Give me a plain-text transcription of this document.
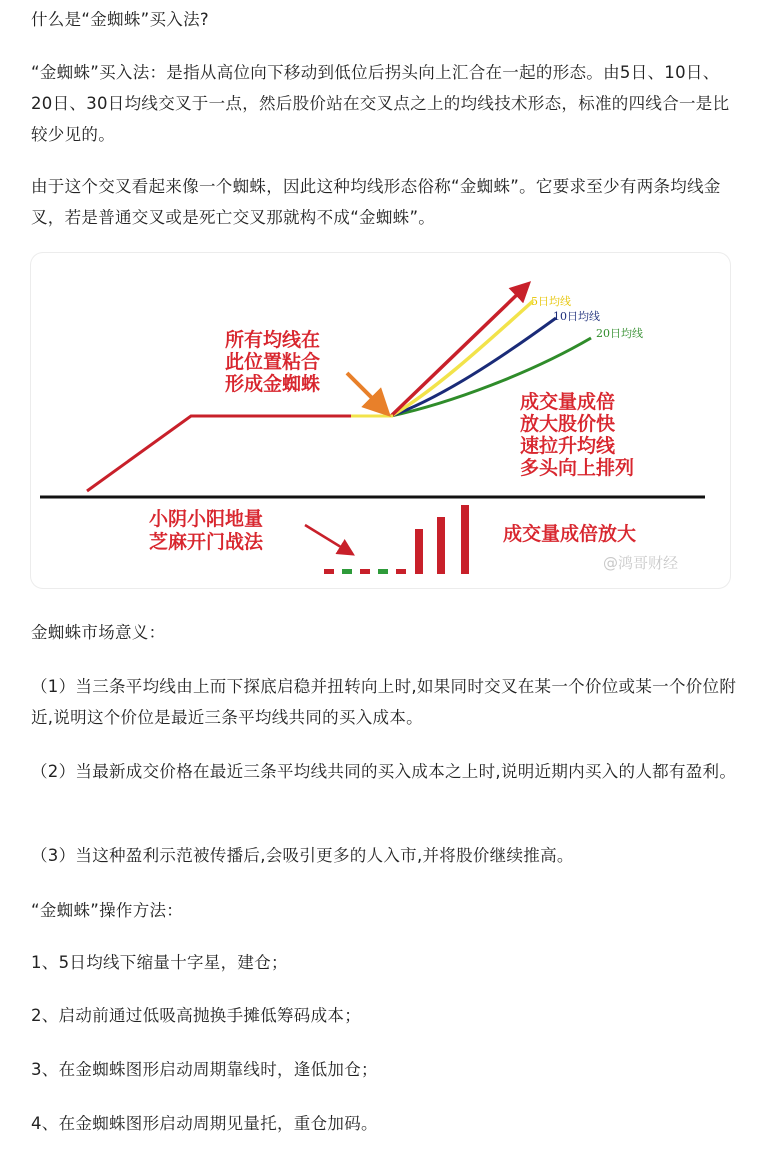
什么是“金蜘蛛”买入法?

“金蜘蛛”买入法：是指从高位向下移动到低位后拐头向上汇合在一起的形态。由5日、10日、20日、30日均线交叉于一点，然后股价站在交叉点之上的均线技术形态，标准的四线合一是比较少见的。

由于这个交叉看起来像一个蜘蛛，因此这种均线形态俗称“金蜘蛛”。它要求至少有两条均线金叉，若是普通交叉或是死亡交叉那就构不成“金蜘蛛”。

5日均线
10日均线
20日均线
所有均线在
此位置粘合
形成金蜘蛛
成交量成倍
放大股价快
速拉升均线
多头向上排列
小阴小阳地量
芝麻开门战法	成交量成倍放大
@鸿哥财经

金蜘蛛市场意义：

（1）当三条平均线由上而下探底启稳并扭转向上时,如果同时交叉在某一个价位或某一个价位附近,说明这个价位是最近三条平均线共同的买入成本。

（2）当最新成交价格在最近三条平均线共同的买入成本之上时,说明近期内买入的人都有盈利。

（3）当这种盈利示范被传播后,会吸引更多的人入市,并将股价继续推高。

“金蜘蛛”操作方法：

1、5日均线下缩量十字星，建仓；

2、启动前通过低吸高抛换手摊低筹码成本；

3、在金蜘蛛图形启动周期靠线时，逢低加仓；

4、在金蜘蛛图形启动周期见量托，重仓加码。
